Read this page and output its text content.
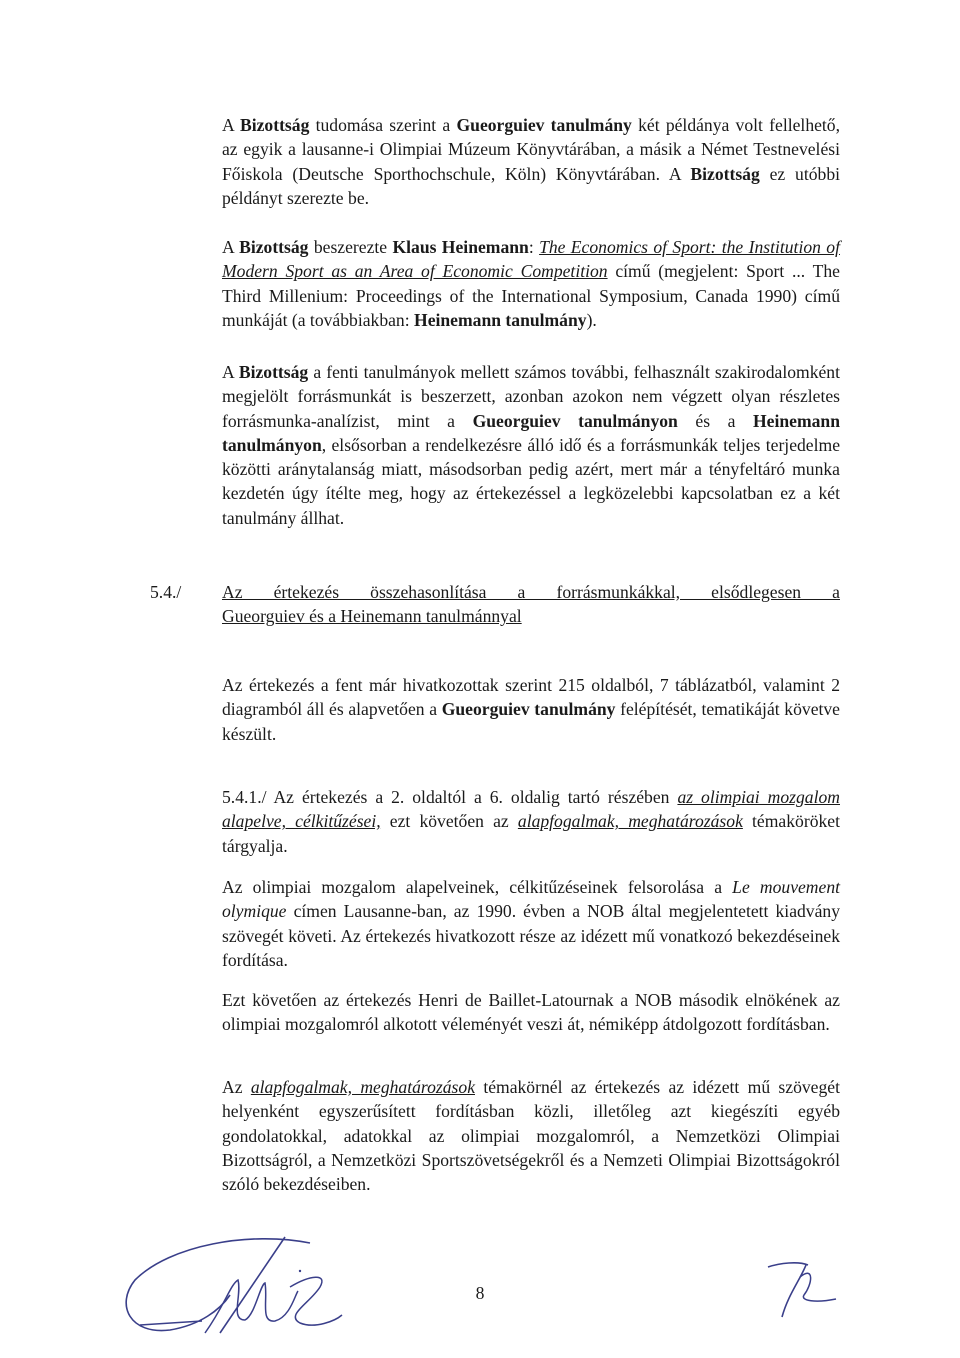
A Bizottság tudomása szerint a Gueorguiev tanulmány két példánya volt fellelhető, az egyik a lausanne-i Olimpiai Múzeum Könyvtárában, a másik a Német Testnevelési Főiskola (Deutsche Sporthochschule, Köln) Könyvtárában. A Bizottság ez utóbbi példányt szerezte be.

A Bizottság beszerezte Klaus Heinemann: The Economics of Sport: the Institution of Modern Sport as an Area of Economic Competition című (megjelent: Sport ... The Third Millenium: Proceedings of the International Symposium, Canada 1990) című munkáját (a továbbiakban: Heinemann tanulmány).

A Bizottság a fenti tanulmányok mellett számos további, felhasznált szakirodalomként megjelölt forrásmunkát is beszerzett, azonban azokon nem végzett olyan részletes forrásmunka-analízist, mint a Gueorguiev tanulmányon és a Heinemann tanulmányon, elsősorban a rendelkezésre álló idő és a forrásmunkák teljes terjedelme közötti aránytalanság miatt, másodsorban pedig azért, mert már a tényfeltáró munka kezdetén úgy ítélte meg, hogy az értekezéssel a legközelebbi kapcsolatban ez a két tanulmány állhat.

5.4./ Az értekezés összehasonlítása a forrásmunkákkal, elsődlegesen a
Gueorguiev és a Heinemann tanulmánnyal

Az értekezés a fent már hivatkozottak szerint 215 oldalból, 7 táblázatból, valamint 2 diagramból áll és alapvetően a Gueorguiev tanulmány felépítését, tematikáját követve készült.

5.4.1./ Az értekezés a 2. oldaltól a 6. oldalig tartó részében az olimpiai mozgalom alapelve, célkitűzései, ezt követően az alapfogalmak, meghatározások témaköröket tárgyalja.

Az olimpiai mozgalom alapelveinek, célkitűzéseinek felsorolása a Le mouvement olymique címen Lausanne-ban, az 1990. évben a NOB által megjelentetett kiadvány szövegét követi. Az értekezés hivatkozott része az idézett mű vonatkozó bekezdéseinek fordítása.

Ezt követően az értekezés Henri de Baillet-Latournak a NOB második elnökének az olimpiai mozgalomról alkotott véleményét veszi át, némiképp átdolgozott fordításban.

Az alapfogalmak, meghatározások témakörnél az értekezés az idézett mű szövegét helyenként egyszerűsített fordításban közli, illetőleg azt kiegészíti egyéb gondolatokkal, adatokkal az olimpiai mozgalomról, a Nemzetközi Olimpiai Bizottságról, a Nemzetközi Sportszövetségekről és a Nemzeti Olimpiai Bizottságokról szóló bekezdéseiben.

8
